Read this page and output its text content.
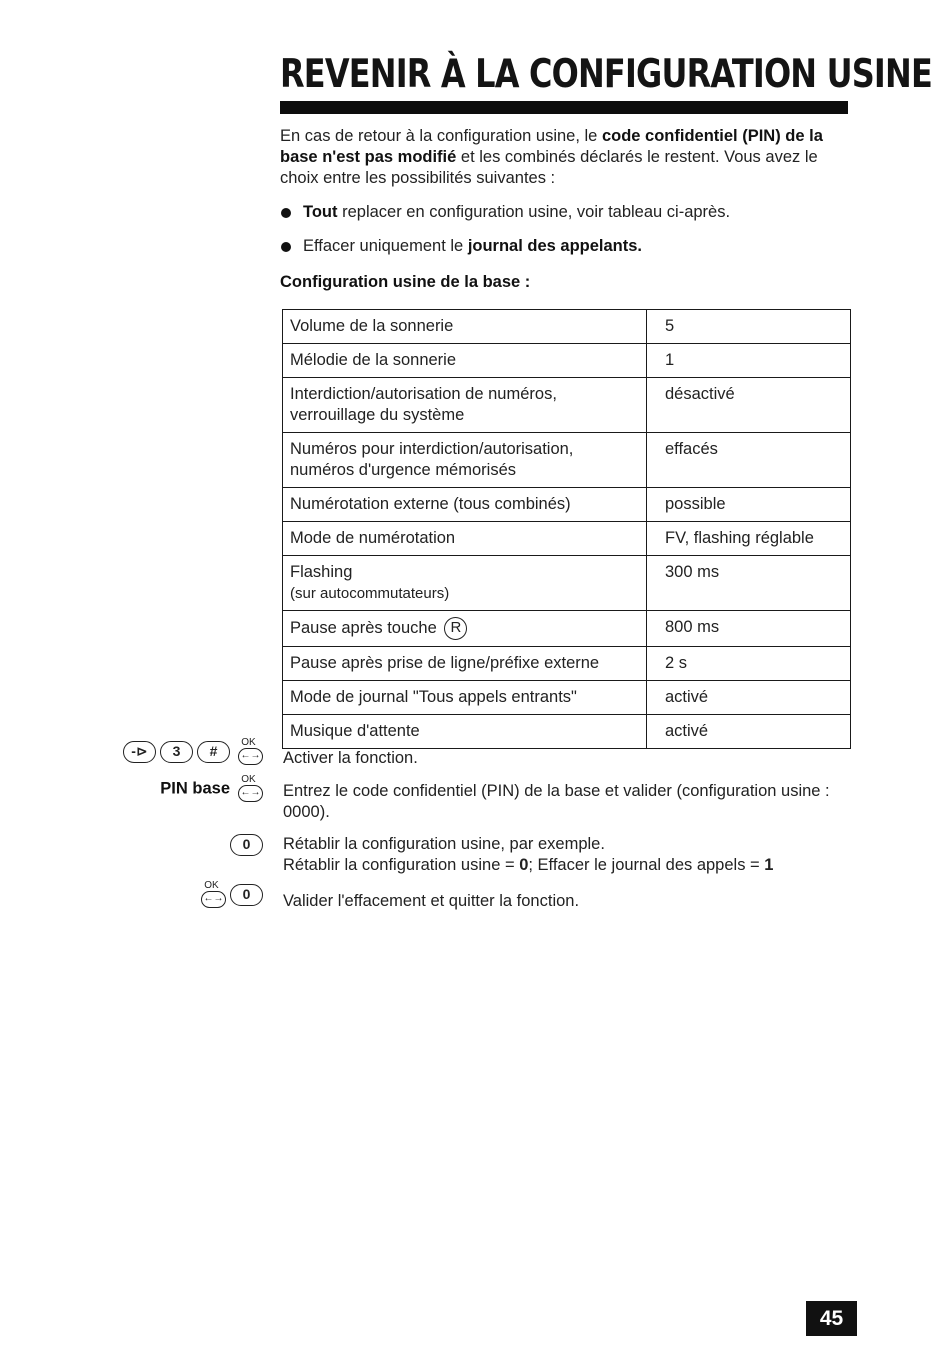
REVENIR À LA CONFIGURATION USINE

En cas de retour à la configuration usine, le code confidentiel (PIN) de la base n'est pas modifié et les combinés déclarés le restent. Vous avez le choix entre les possibilités suivantes :

Tout replacer en configuration usine, voir tableau ci-après.
Effacer uniquement le journal des appelants.
Configuration usine de la base :
Volume de la sonnerie	5
Mélodie de la sonnerie	1
Interdiction/autorisation de numéros, verrouillage du système	désactivé
Numéros pour interdiction/autorisation, numéros d'urgence mémorisés	effacés
Numérotation externe (tous combinés)	possible
Mode de numérotation	FV, flashing réglable

Flashing
(sur autocommutateurs)	300 ms
Pause après touche R	800 ms
Pause après prise de ligne/préfixe externe	2 s
Mode de journal "Tous appels entrants"	activé
Musique d'attente	activé
-⊳ 3 #
OK
←→ Activer la fonction.
PIN base	OK
←→ Entrez le code confidentiel (PIN) de la base et valider (configuration usine : 0000).
0	Rétablir la configuration usine, par exemple.
Rétablir la configuration usine = 0; Effacer le journal des appels = 1
OK
←→ 0	Valider l'effacement et quitter la fonction.
45
